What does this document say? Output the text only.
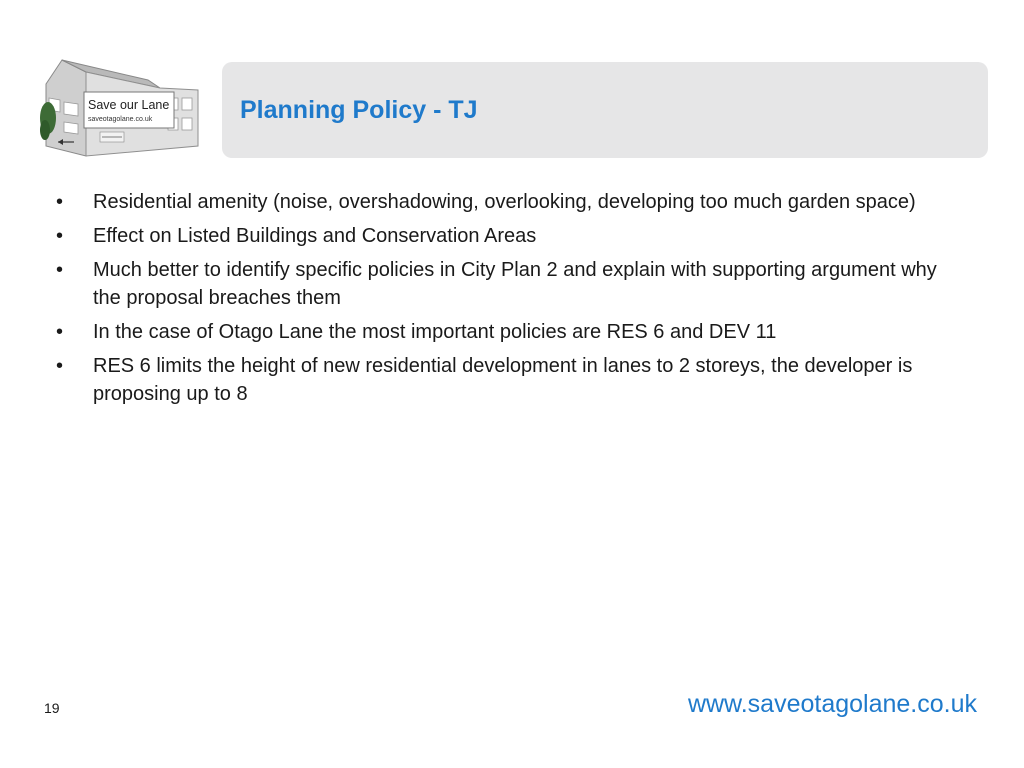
Save our Lane
saveotagolane.co.uk	Planning Policy - TJ
• Residential amenity (noise, overshadowing, overlooking, developing too much garden space)
• Effect on Listed Buildings and Conservation Areas
• Much better to identify specific policies in City Plan 2 and explain with supporting argument why the proposal breaches them
• In the case of Otago Lane the most important policies are RES 6 and DEV 11
• RES 6 limits the height of new residential development in lanes to 2 storeys, the developer is proposing up to 8
19	www.saveotagolane.co.uk
